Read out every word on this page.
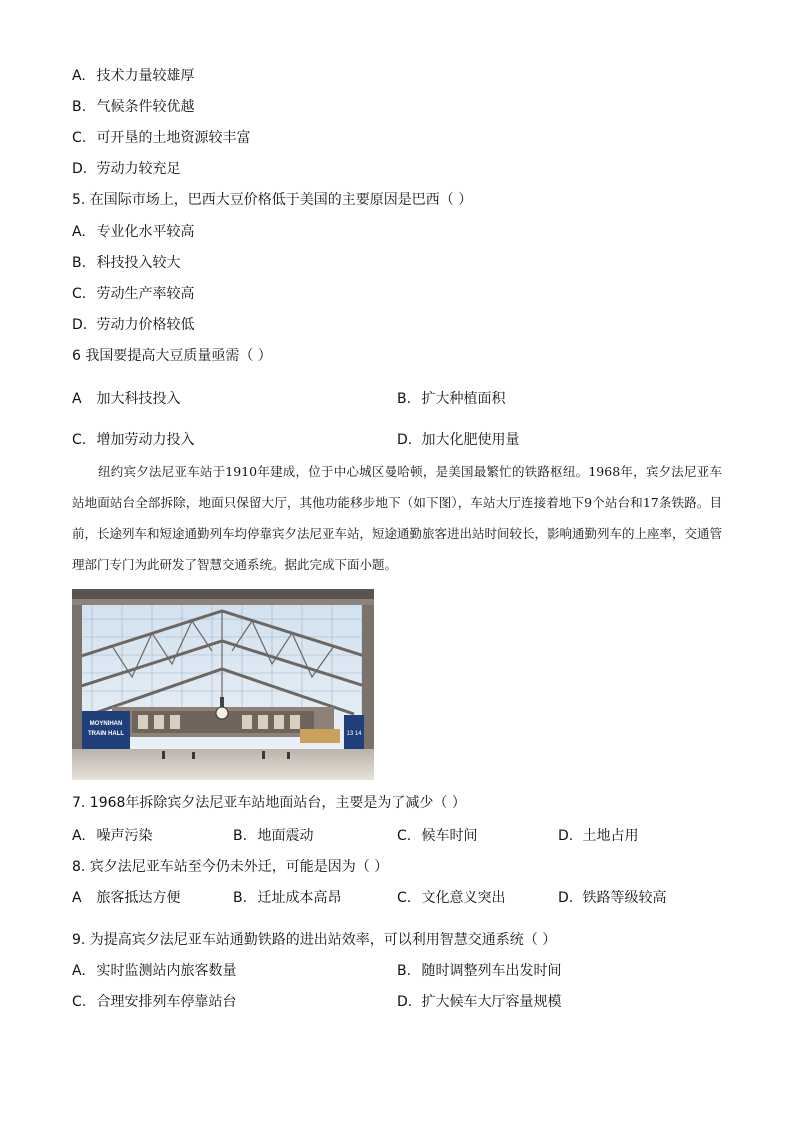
A. 技术力量较雄厚
B. 气候条件较优越
C. 可开垦的土地资源较丰富
D. 劳动力较充足
5. 在国际市场上，巴西大豆价格低于美国的主要原因是巴西（ ）
A. 专业化水平较高
B. 科技投入较大
C. 劳动生产率较高
D. 劳动力价格较低
6 我国要提高大豆质量亟需（ ）
A 加大科技投入	B. 扩大种植面积
C. 增加劳动力投入	D. 加大化肥使用量

纽约宾夕法尼亚车站于1910年建成，位于中心城区曼哈顿，是美国最繁忙的铁路枢纽。1968年，宾夕法尼亚车站地面站台全部拆除，地面只保留大厅，其他功能移步地下（如下图），车站大厅连接着地下9个站台和17条铁路。目前，长途列车和短途通勤列车均停靠宾夕法尼亚车站，短途通勤旅客进出站时间较长，影响通勤列车的上座率，交通管理部门专门为此研发了智慧交通系统。据此完成下面小题。

MOYNIHAN
TRAIN HALL	13 14
7. 1968年拆除宾夕法尼亚车站地面站台，主要是为了减少（ ）
A. 噪声污染	B. 地面震动	C. 候车时间	D. 土地占用
8. 宾夕法尼亚车站至今仍未外迁，可能是因为（ ）
A 旅客抵达方便	B. 迁址成本高昂	C. 文化意义突出	D. 铁路等级较高
9. 为提高宾夕法尼亚车站通勤铁路的进出站效率，可以利用智慧交通系统（ ）
A. 实时监测站内旅客数量	B. 随时调整列车出发时间
C. 合理安排列车停靠站台	D. 扩大候车大厅容量规模
